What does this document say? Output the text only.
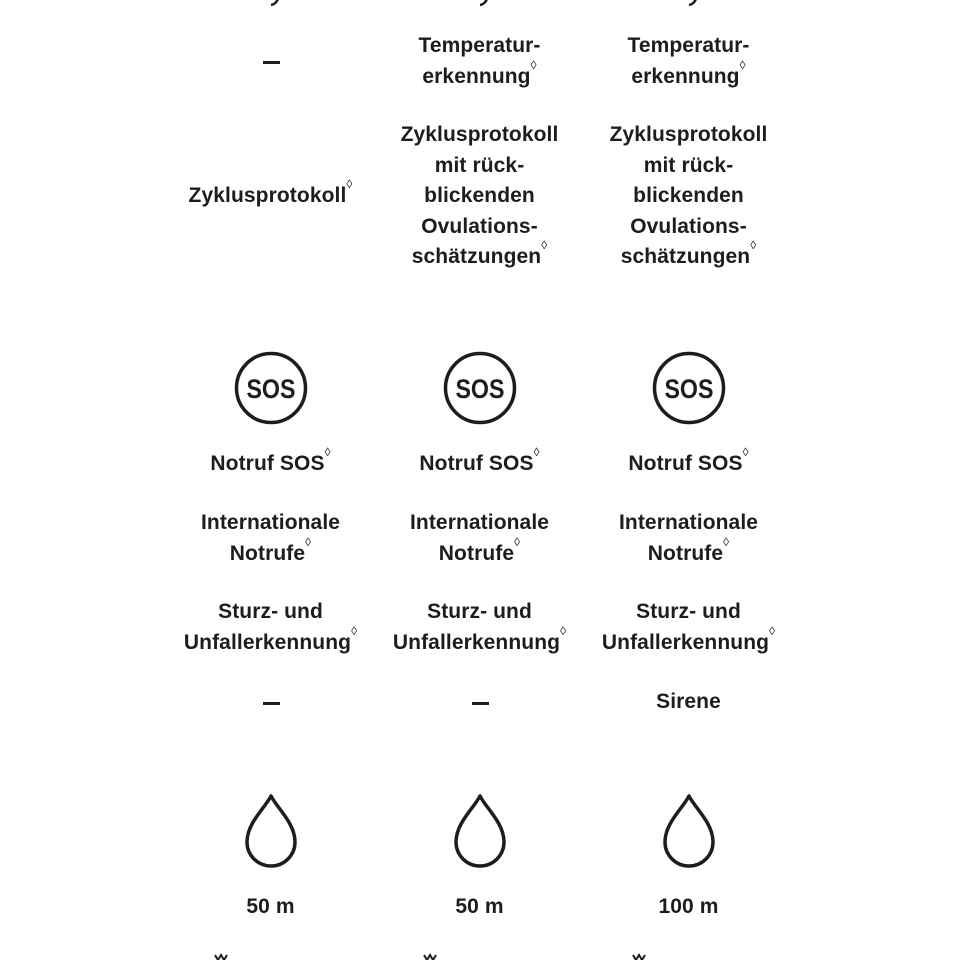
Zyklusprotokoll◊
SOS
Notruf SOS◊
Internationale
Notrufe◊
Sturz- und
Unfallerkennung◊
50 m
Temperatur-
erkennung◊
Zyklusprotokoll
mit rück-
blickenden
Ovulations-
schätzungen◊
SOS
Notruf SOS◊
Internationale
Notrufe◊
Sturz- und
Unfallerkennung◊
50 m
Temperatur-
erkennung◊
Zyklusprotokoll
mit rück-
blickenden
Ovulations-
schätzungen◊
SOS
Notruf SOS◊
Internationale
Notrufe◊
Sturz- und
Unfallerkennung◊
Sirene
100 m
